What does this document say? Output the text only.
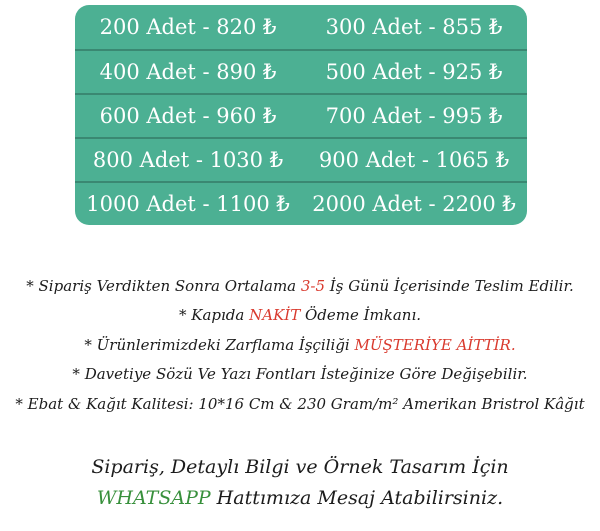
200 Adet - 820 ₺	300 Adet - 855 ₺
400 Adet - 890 ₺	500 Adet - 925 ₺
600 Adet - 960 ₺	700 Adet - 995 ₺
800 Adet - 1030 ₺	900 Adet - 1065 ₺
1000 Adet - 1100 ₺	2000 Adet - 2200 ₺

* Sipariş Verdikten Sonra Ortalama 3-5 İş Günü İçerisinde Teslim Edilir.

* Kapıda NAKİT Ödeme İmkanı.

* Ürünlerimizdeki Zarflama İşçiliği MÜŞTERİYE AİTTİR.

* Davetiye Sözü Ve Yazı Fontları İsteğinize Göre Değişebilir.

* Ebat & Kağıt Kalitesi: 10*16 Cm & 230 Gram/m² Amerikan Bristrol Kâğıt

Sipariş, Detaylı Bilgi ve Örnek Tasarım İçin

WHATSAPP Hattımıza Mesaj Atabilirsiniz.
